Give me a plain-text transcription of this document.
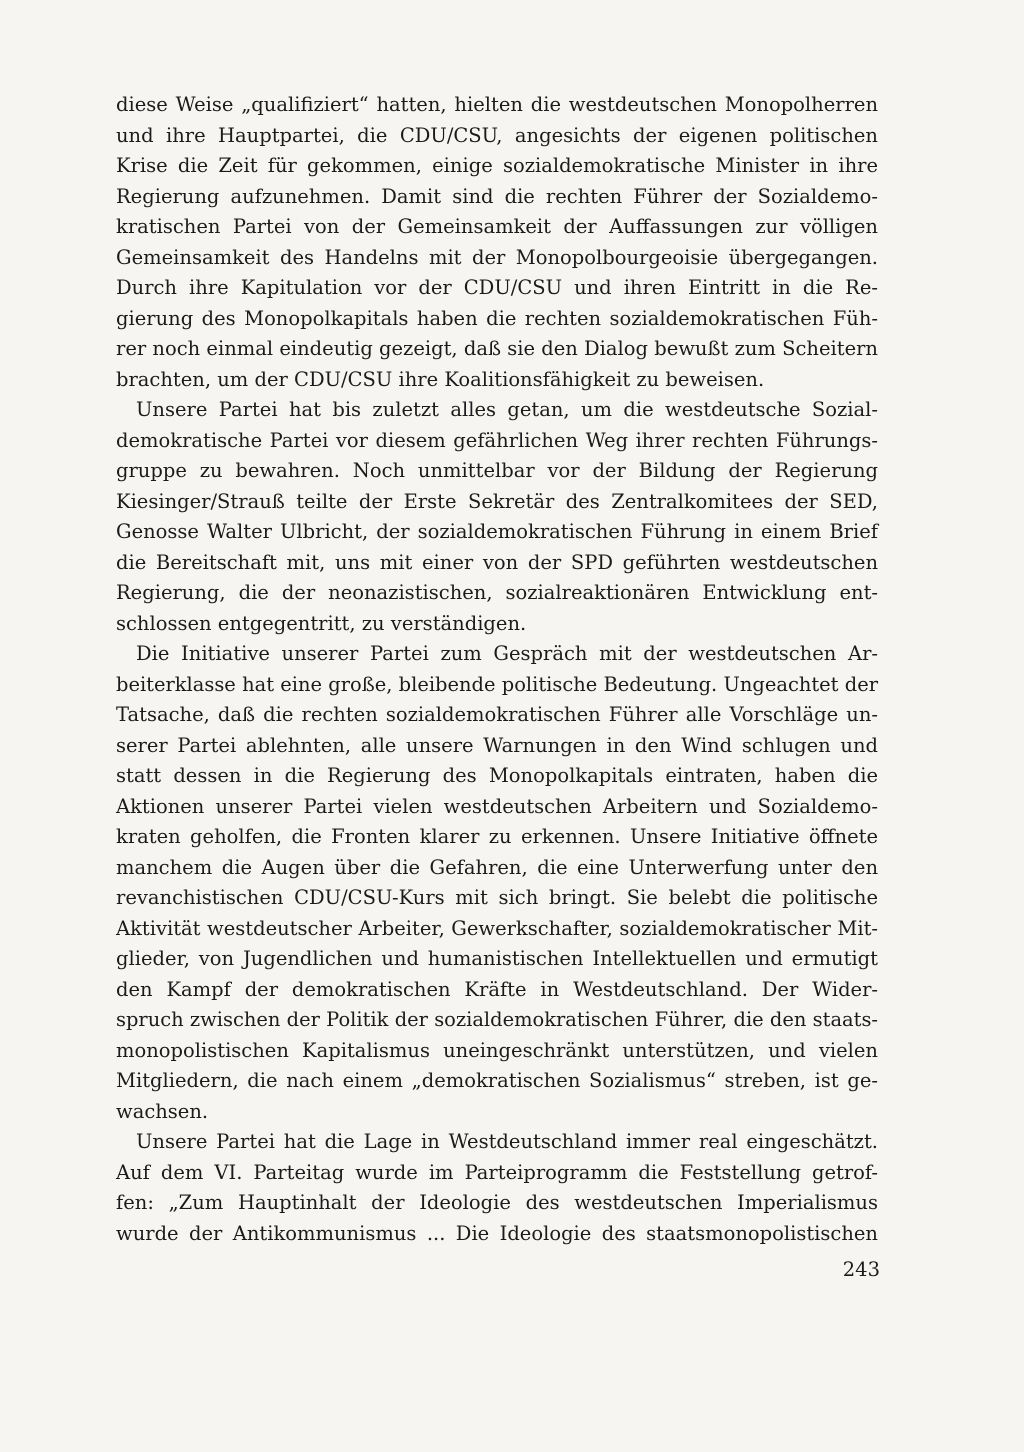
diese Weise „qualifiziert“ hatten, hielten die westdeutschen Monopolherren
und ihre Hauptpartei, die CDU/CSU, angesichts der eigenen politischen
Krise die Zeit für gekommen, einige sozialdemokratische Minister in ihre
Regierung aufzunehmen. Damit sind die rechten Führer der Sozialdemo-
kratischen Partei von der Gemeinsamkeit der Auffassungen zur völligen
Gemeinsamkeit des Handelns mit der Monopolbourgeoisie übergegangen.
Durch ihre Kapitulation vor der CDU/CSU und ihren Eintritt in die Re-
gierung des Monopolkapitals haben die rechten sozialdemokratischen Füh-
rer noch einmal eindeutig gezeigt, daß sie den Dialog bewußt zum Scheitern
brachten, um der CDU/CSU ihre Koalitionsfähigkeit zu beweisen.
Unsere Partei hat bis zuletzt alles getan, um die westdeutsche Sozial-
demokratische Partei vor diesem gefährlichen Weg ihrer rechten Führungs-
gruppe zu bewahren. Noch unmittelbar vor der Bildung der Regierung
Kiesinger/Strauß teilte der Erste Sekretär des Zentralkomitees der SED,
Genosse Walter Ulbricht, der sozialdemokratischen Führung in einem Brief
die Bereitschaft mit, uns mit einer von der SPD geführten westdeutschen
Regierung, die der neonazistischen, sozialreaktionären Entwicklung ent-
schlossen entgegentritt, zu verständigen.
Die Initiative unserer Partei zum Gespräch mit der westdeutschen Ar-
beiterklasse hat eine große, bleibende politische Bedeutung. Ungeachtet der
Tatsache, daß die rechten sozialdemokratischen Führer alle Vorschläge un-
serer Partei ablehnten, alle unsere Warnungen in den Wind schlugen und
statt dessen in die Regierung des Monopolkapitals eintraten, haben die
Aktionen unserer Partei vielen westdeutschen Arbeitern und Sozialdemo-
kraten geholfen, die Fronten klarer zu erkennen. Unsere Initiative öffnete
manchem die Augen über die Gefahren, die eine Unterwerfung unter den
revanchistischen CDU/CSU-Kurs mit sich bringt. Sie belebt die politische
Aktivität westdeutscher Arbeiter, Gewerkschafter, sozialdemokratischer Mit-
glieder, von Jugendlichen und humanistischen Intellektuellen und ermutigt
den Kampf der demokratischen Kräfte in Westdeutschland. Der Wider-
spruch zwischen der Politik der sozialdemokratischen Führer, die den staats-
monopolistischen Kapitalismus uneingeschränkt unterstützen, und vielen
Mitgliedern, die nach einem „demokratischen Sozialismus“ streben, ist ge-
wachsen.
Unsere Partei hat die Lage in Westdeutschland immer real eingeschätzt.
Auf dem VI. Parteitag wurde im Parteiprogramm die Feststellung getrof-
fen: „Zum Hauptinhalt der Ideologie des westdeutschen Imperialismus
wurde der Antikommunismus ... Die Ideologie des staatsmonopolistischen
243
